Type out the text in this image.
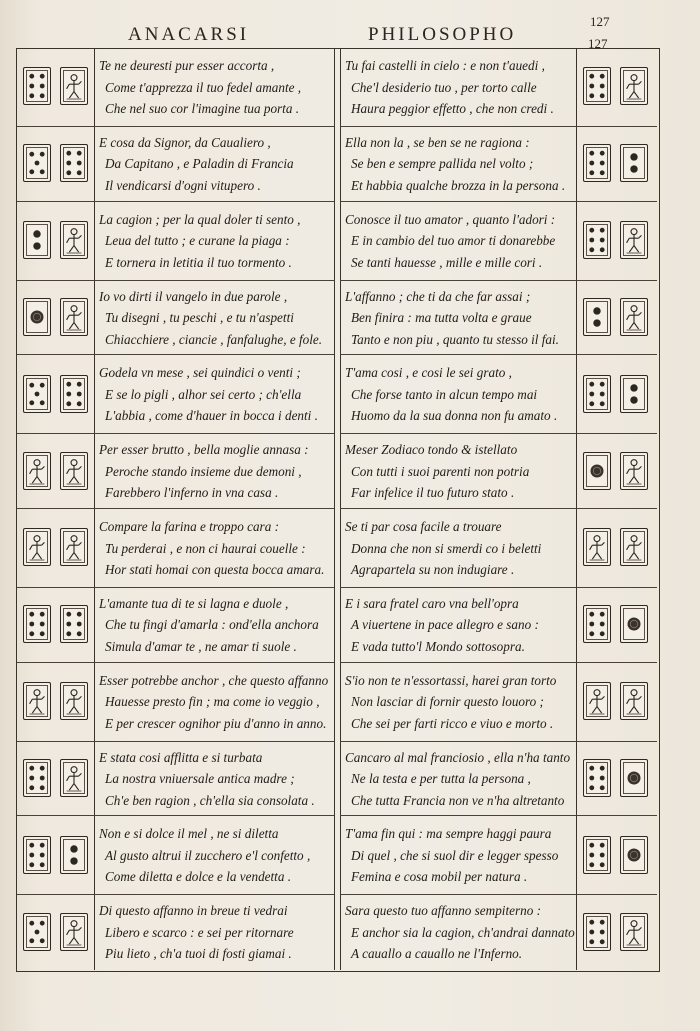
ANACARSI	PHILOSOPHO
127
127
Te ne deuresti pur esser accorta ,
Come t'apprezza il tuo fedel amante ,
Che nel suo cor l'imagine tua porta .
E cosa da Signor, da Caualiero ,
Da Capitano , e Paladin di Francia
Il vendicarsi d'ogni vitupero .
La cagion ; per la qual doler ti sento ,
Leua del tutto ; e curane la piaga :
E tornera in letitia il tuo tormento .
Io vo dirti il vangelo in due parole ,
Tu disegni , tu peschi , e tu n'aspetti
Chiacchiere , ciancie , fanfalughe, e fole.
Godela vn mese , sei quindici o venti ;
E se lo pigli , alhor sei certo ; ch'ella
L'abbia , come d'hauer in bocca i denti .
Per esser brutto , bella moglie annasa :
Peroche stando insieme due demoni ,
Farebbero l'inferno in vna casa .
Compare la farina e troppo cara :
Tu perderai , e non ci haurai couelle :
Hor stati homai con questa bocca amara.
L'amante tua di te si lagna e duole ,
Che tu fingi d'amarla : ond'ella anchora
Simula d'amar te , ne amar ti suole .
Esser potrebbe anchor , che questo affanno
Hauesse presto fin ; ma come io veggio ,
E per crescer ognihor piu d'anno in anno.
E stata cosi afflitta e si turbata
La nostra vniuersale antica madre ;
Ch'e ben ragion , ch'ella sia consolata .
Non e si dolce il mel , ne si diletta
Al gusto altrui il zucchero e'l confetto ,
Come diletta e dolce e la vendetta .
Di questo affanno in breue ti vedrai
Libero e scarco : e sei per ritornare
Piu lieto , ch'a tuoi di fosti giamai .
Tu fai castelli in cielo : e non t'auedi ,
Che'l desiderio tuo , per torto calle
Haura peggior effetto , che non credi .
Ella non la , se ben se ne ragiona :
Se ben e sempre pallida nel volto ;
Et habbia qualche brozza in la persona .
Conosce il tuo amator , quanto l'adori :
E in cambio del tuo amor ti donarebbe
Se tanti hauesse , mille e mille cori .
L'affanno ; che ti da che far assai ;
Ben finira : ma tutta volta e graue
Tanto e non piu , quanto tu stesso il fai.
T'ama cosi , e cosi le sei grato ,
Che forse tanto in alcun tempo mai
Huomo da la sua donna non fu amato .
Meser Zodiaco tondo & istellato
Con tutti i suoi parenti non potria
Far infelice il tuo futuro stato .
Se ti par cosa facile a trouare
Donna che non si smerdi co i beletti
Agrapartela su non indugiare .
E i sara fratel caro vna bell'opra
A viuertene in pace allegro e sano :
E vada tutto'l Mondo sottosopra.
S'io non te n'essortassi, harei gran torto
Non lasciar di fornir questo louoro ;
Che sei per farti ricco e viuo e morto .
Cancaro al mal franciosio , ella n'ha tanto
Ne la testa e per tutta la persona ,
Che tutta Francia non ve n'ha altretanto
T'ama fin qui : ma sempre haggi paura
Di quel , che si suol dir e legger spesso
Femina e cosa mobil per natura .
Sara questo tuo affanno sempiterno :
E anchor sia la cagion, ch'andrai dannato
A cauallo a cauallo ne l'Inferno.
